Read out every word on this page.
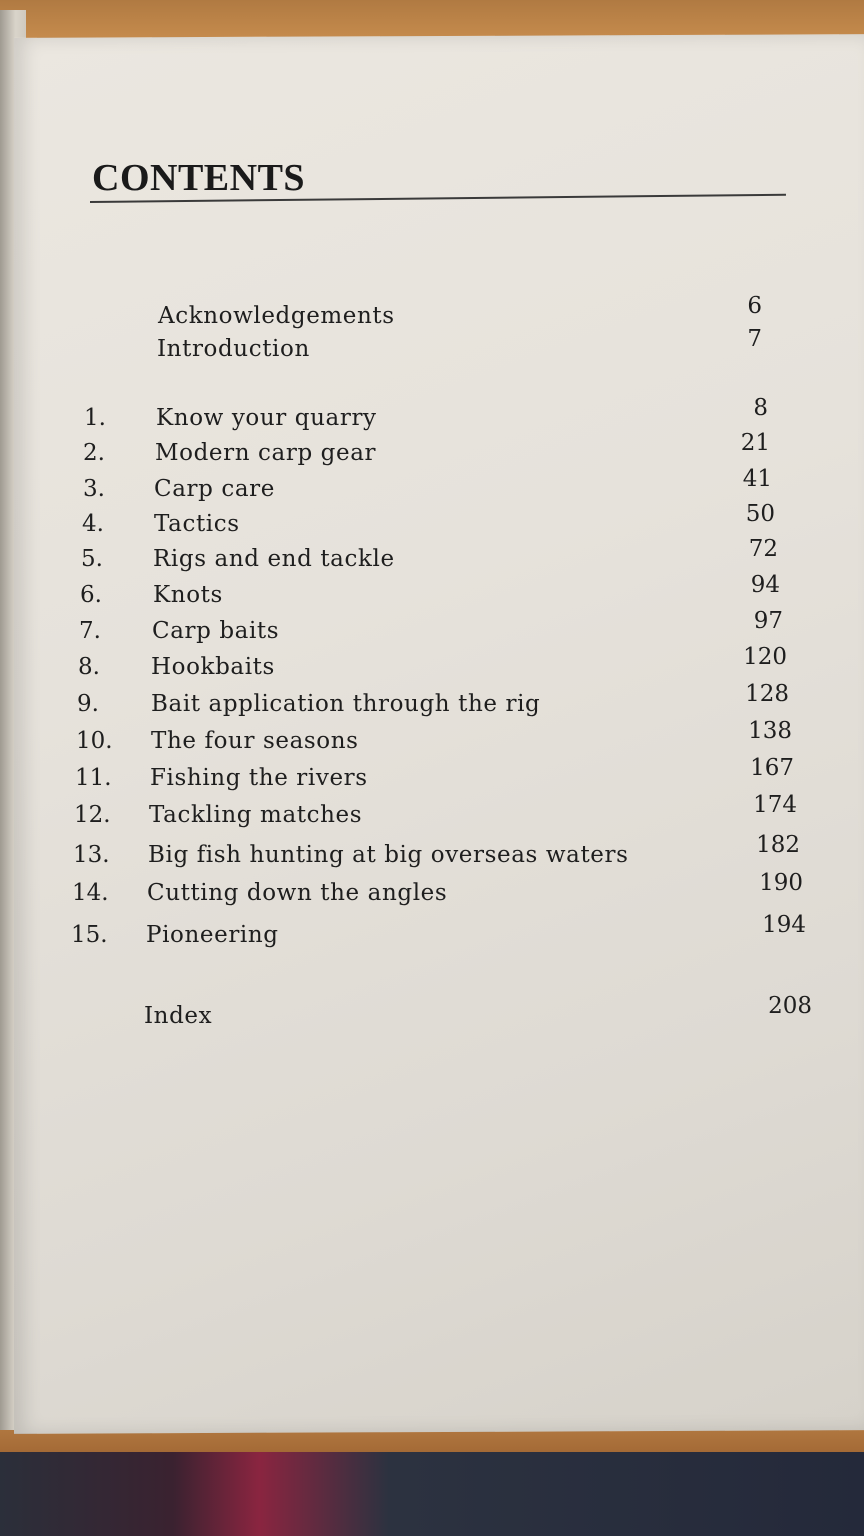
CONTENTS
Acknowledgements	6
Introduction	7
1.	Know your quarry	8
2.	Modern carp gear	21
3.	Carp care	41
4.	Tactics	50
5.	Rigs and end tackle	72
6.	Knots	94
7.	Carp baits	97
8.	Hookbaits	120
9.	Bait application through the rig	128
10.	The four seasons	138
11.	Fishing the rivers	167
12.	Tackling matches	174
13.	Big fish hunting at big overseas waters	182
14.	Cutting down the angles	190
15.	Pioneering	194
Index	208
